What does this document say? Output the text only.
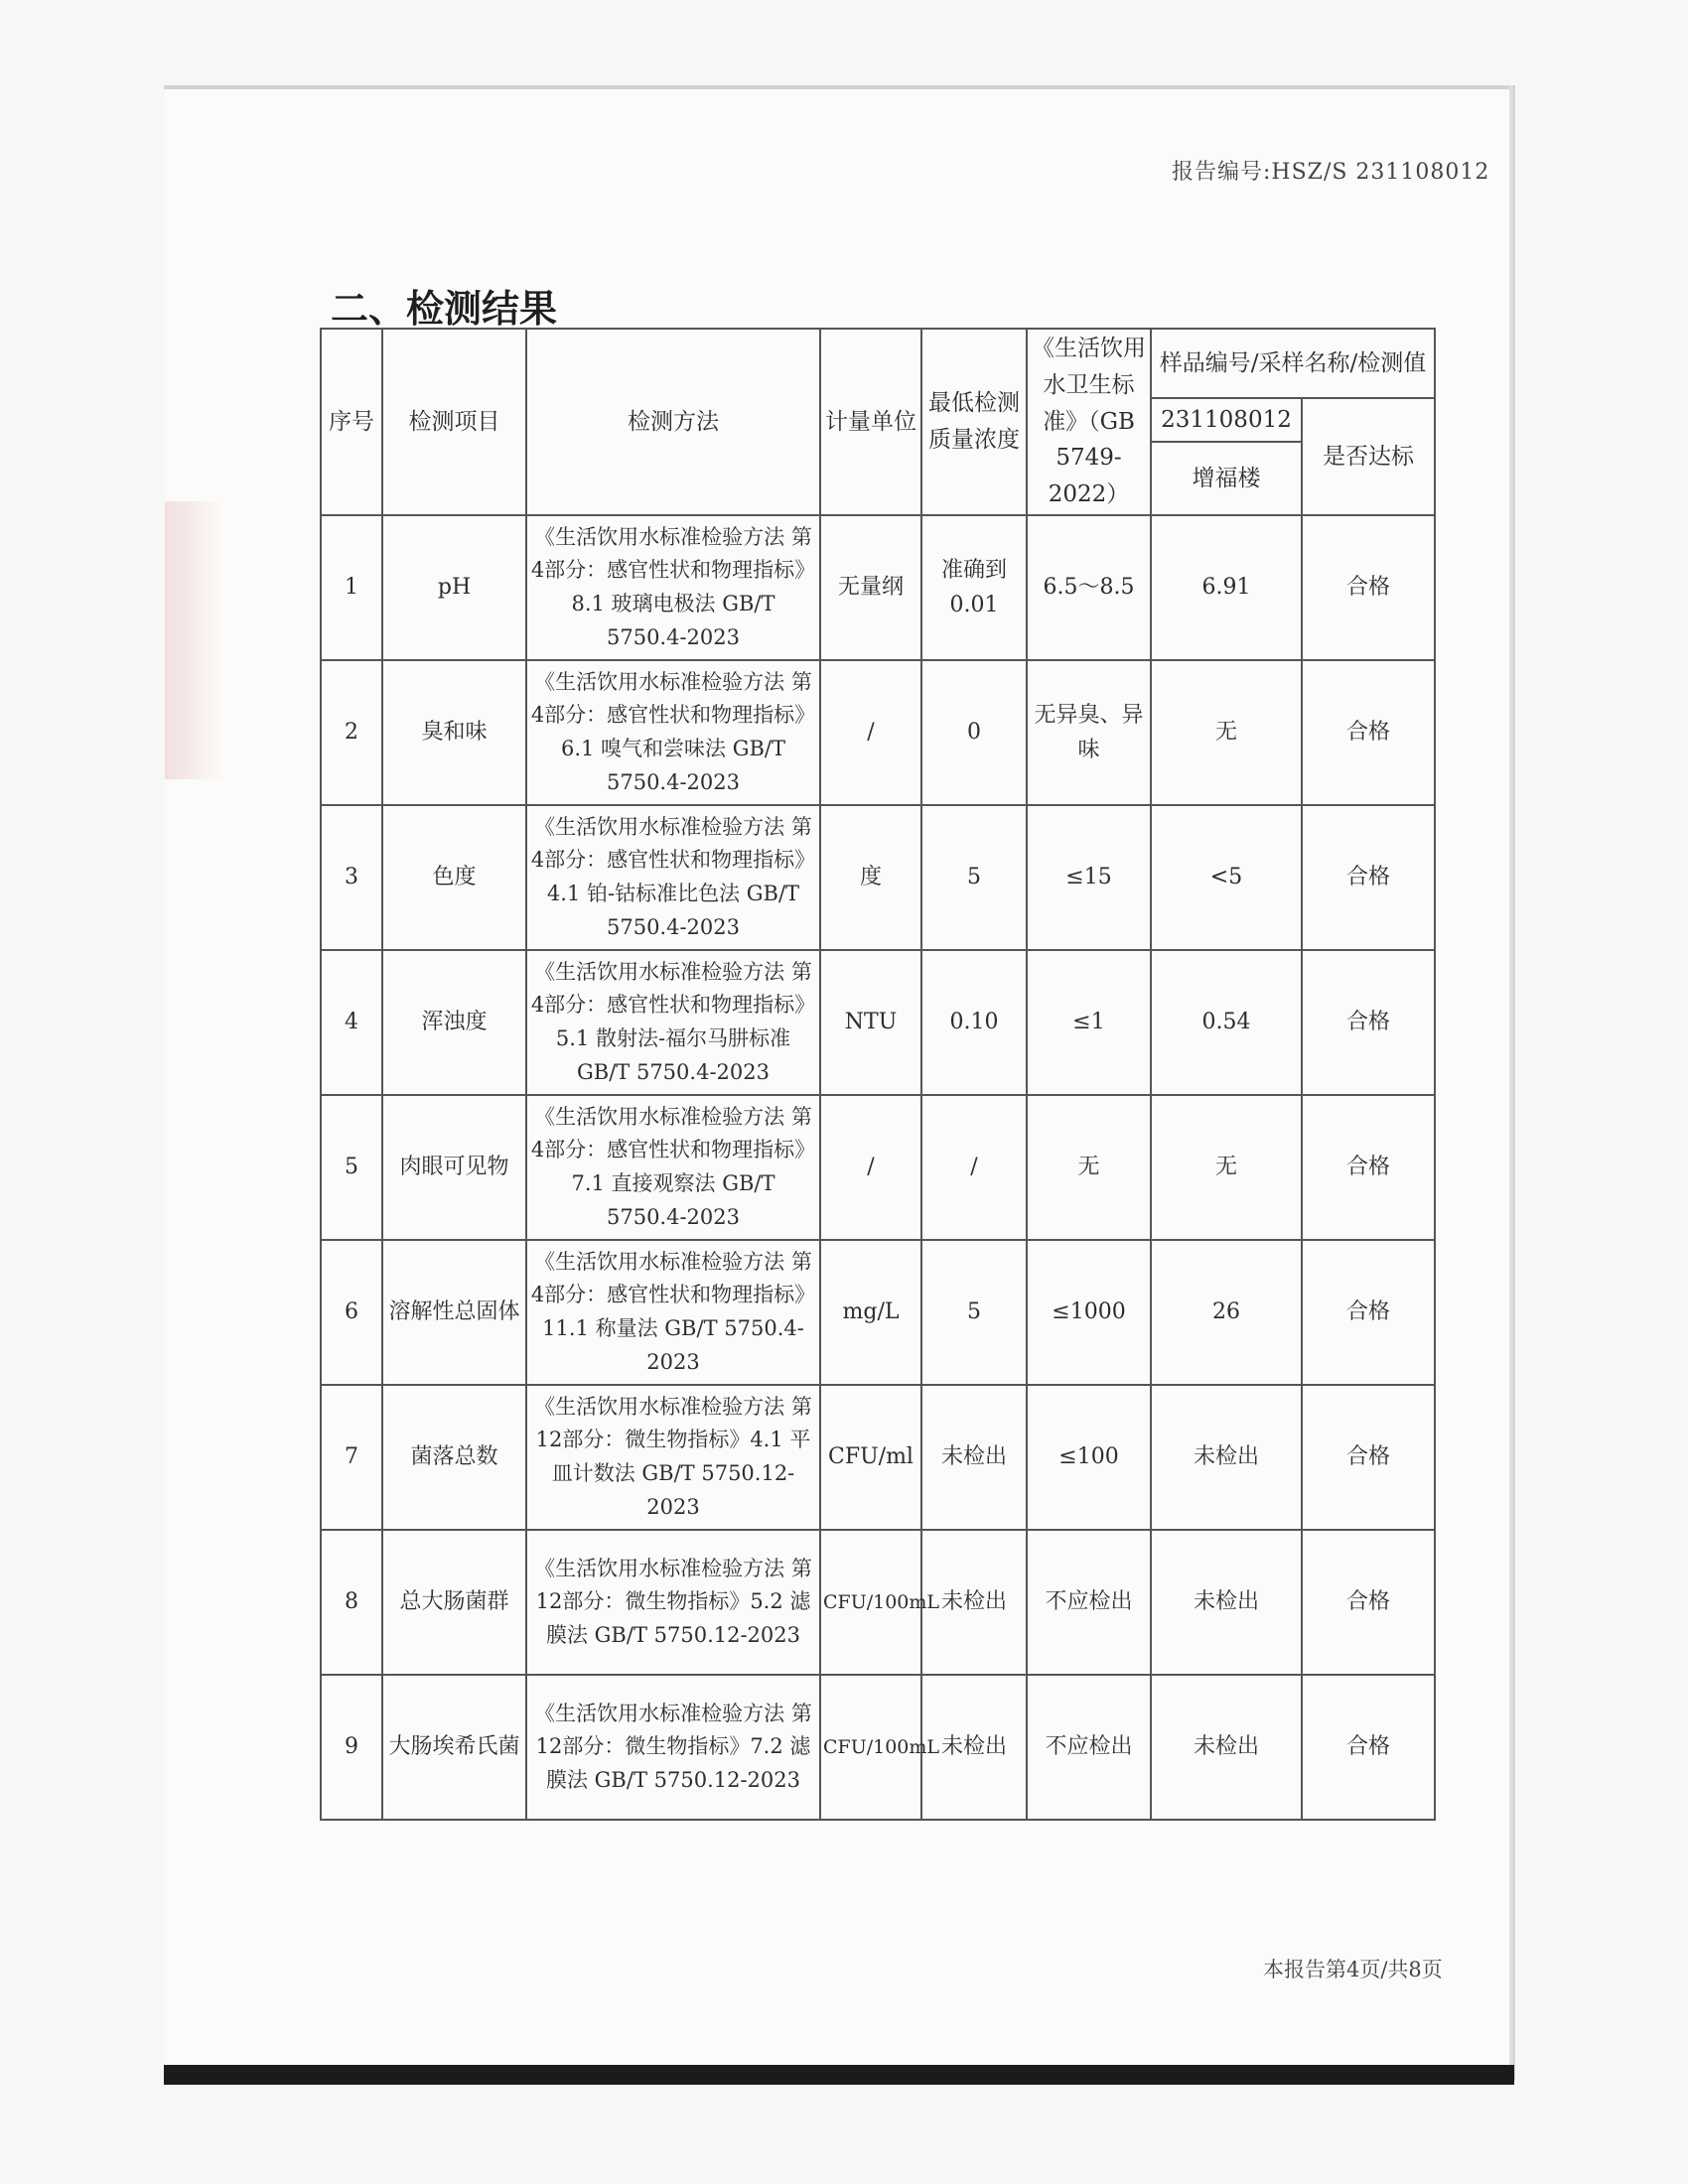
报告编号:HSZ/S 231108012
二、检测结果
序号	检测项目	检测方法	计量单位	最低检测质量浓度	《生活饮用水卫生标准》（GB 5749-2022）	样品编号/采样名称/检测值	
						231108012	是否达标
						增福楼	
1	pH	《生活饮用水标准检验方法 第4部分：感官性状和物理指标》8.1 玻璃电极法 GB/T 5750.4-2023	无量纲	准确到0.01	6.5～8.5	6.91	合格
2	臭和味	《生活饮用水标准检验方法 第4部分：感官性状和物理指标》6.1 嗅气和尝味法 GB/T 5750.4-2023	/	0	无异臭、异味	无	合格
3	色度	《生活饮用水标准检验方法 第4部分：感官性状和物理指标》4.1 铂-钴标准比色法 GB/T 5750.4-2023	度	5	≤15	<5	合格
4	浑浊度	《生活饮用水标准检验方法 第4部分：感官性状和物理指标》5.1 散射法-福尔马肼标准 GB/T 5750.4-2023	NTU	0.10	≤1	0.54	合格
5	肉眼可见物	《生活饮用水标准检验方法 第4部分：感官性状和物理指标》7.1 直接观察法 GB/T 5750.4-2023	/	/	无	无	合格
6	溶解性总固体	《生活饮用水标准检验方法 第4部分：感官性状和物理指标》11.1 称量法 GB/T 5750.4-2023	mg/L	5	≤1000	26	合格
7	菌落总数	《生活饮用水标准检验方法 第12部分：微生物指标》4.1 平皿计数法 GB/T 5750.12-2023	CFU/ml	未检出	≤100	未检出	合格
8	总大肠菌群	《生活饮用水标准检验方法 第12部分：微生物指标》5.2 滤膜法 GB/T 5750.12-2023	CFU/100mL	未检出	不应检出	未检出	合格
9	大肠埃希氏菌	《生活饮用水标准检验方法 第12部分：微生物指标》7.2 滤膜法 GB/T 5750.12-2023	CFU/100mL	未检出	不应检出	未检出	合格
本报告第4页/共8页
